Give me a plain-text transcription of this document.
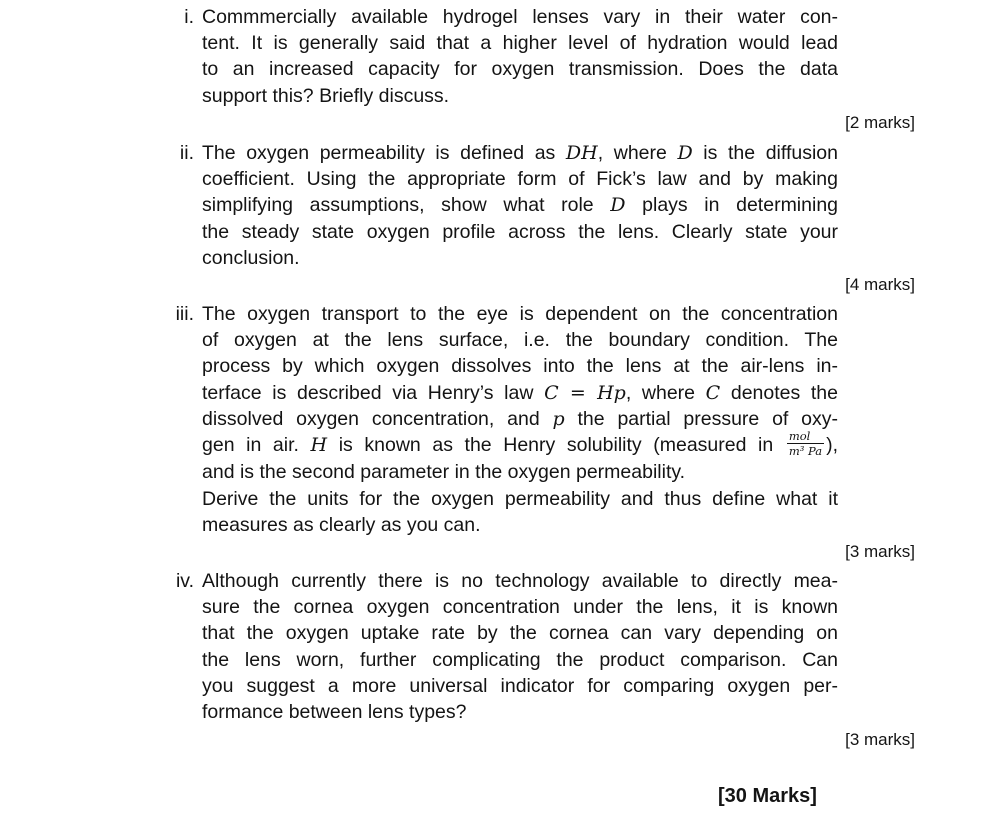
i. Commmercially available hydrogel lenses vary in their water con-
tent. It is generally said that a higher level of hydration would lead
to an increased capacity for oxygen transmission. Does the data
support this? Briefly discuss.
[2 marks]
ii. The oxygen permeability is defined as DH, where D is the diffusion
coefficient. Using the appropriate form of Fick’s law and by making
simplifying assumptions, show what role D plays in determining
the steady state oxygen profile across the lens. Clearly state your
conclusion.
[4 marks]
iii. The oxygen transport to the eye is dependent on the concentration
of oxygen at the lens surface, i.e. the boundary condition. The
process by which oxygen dissolves into the lens at the air-lens in-
terface is described via Henry’s law C = Hp, where C denotes the
dissolved oxygen concentration, and p the partial pressure of oxy-
gen in air. H is known as the Henry solubility (measured in $\frac{\text{mol}}{\text{m³ Pa}}$ ),
and is the second parameter in the oxygen permeability.
Derive the units for the oxygen permeability and thus define what it
measures as clearly as you can.
[3 marks]
iv. Although currently there is no technology available to directly mea-
sure the cornea oxygen concentration under the lens, it is known
that the oxygen uptake rate by the cornea can vary depending on
the lens worn, further complicating the product comparison. Can
you suggest a more universal indicator for comparing oxygen per-
formance between lens types?
[3 marks]
[30 Marks]
